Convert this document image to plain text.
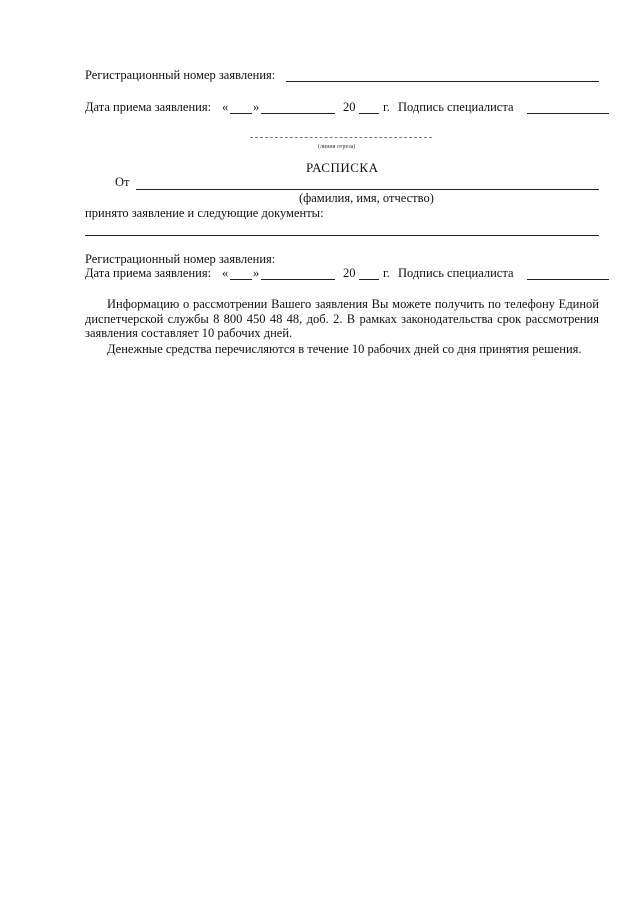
Регистрационный номер заявления:
Дата приема заявления: « »	20 г. Подпись специалиста
(линия отреза)
РАСПИСКА
От
(фамилия, имя, отчество)
принято заявление и следующие документы:
Регистрационный номер заявления:
Дата приема заявления: « »	20 г. Подпись специалиста
Информацию о рассмотрении Вашего заявления Вы можете получить по телефону Единой диспетчерской службы 8 800 450 48 48, доб. 2. В рамках законодательства срок рассмотрения заявления составляет 10 рабочих дней.
Денежные средства перечисляются в течение 10 рабочих дней со дня принятия решения.
